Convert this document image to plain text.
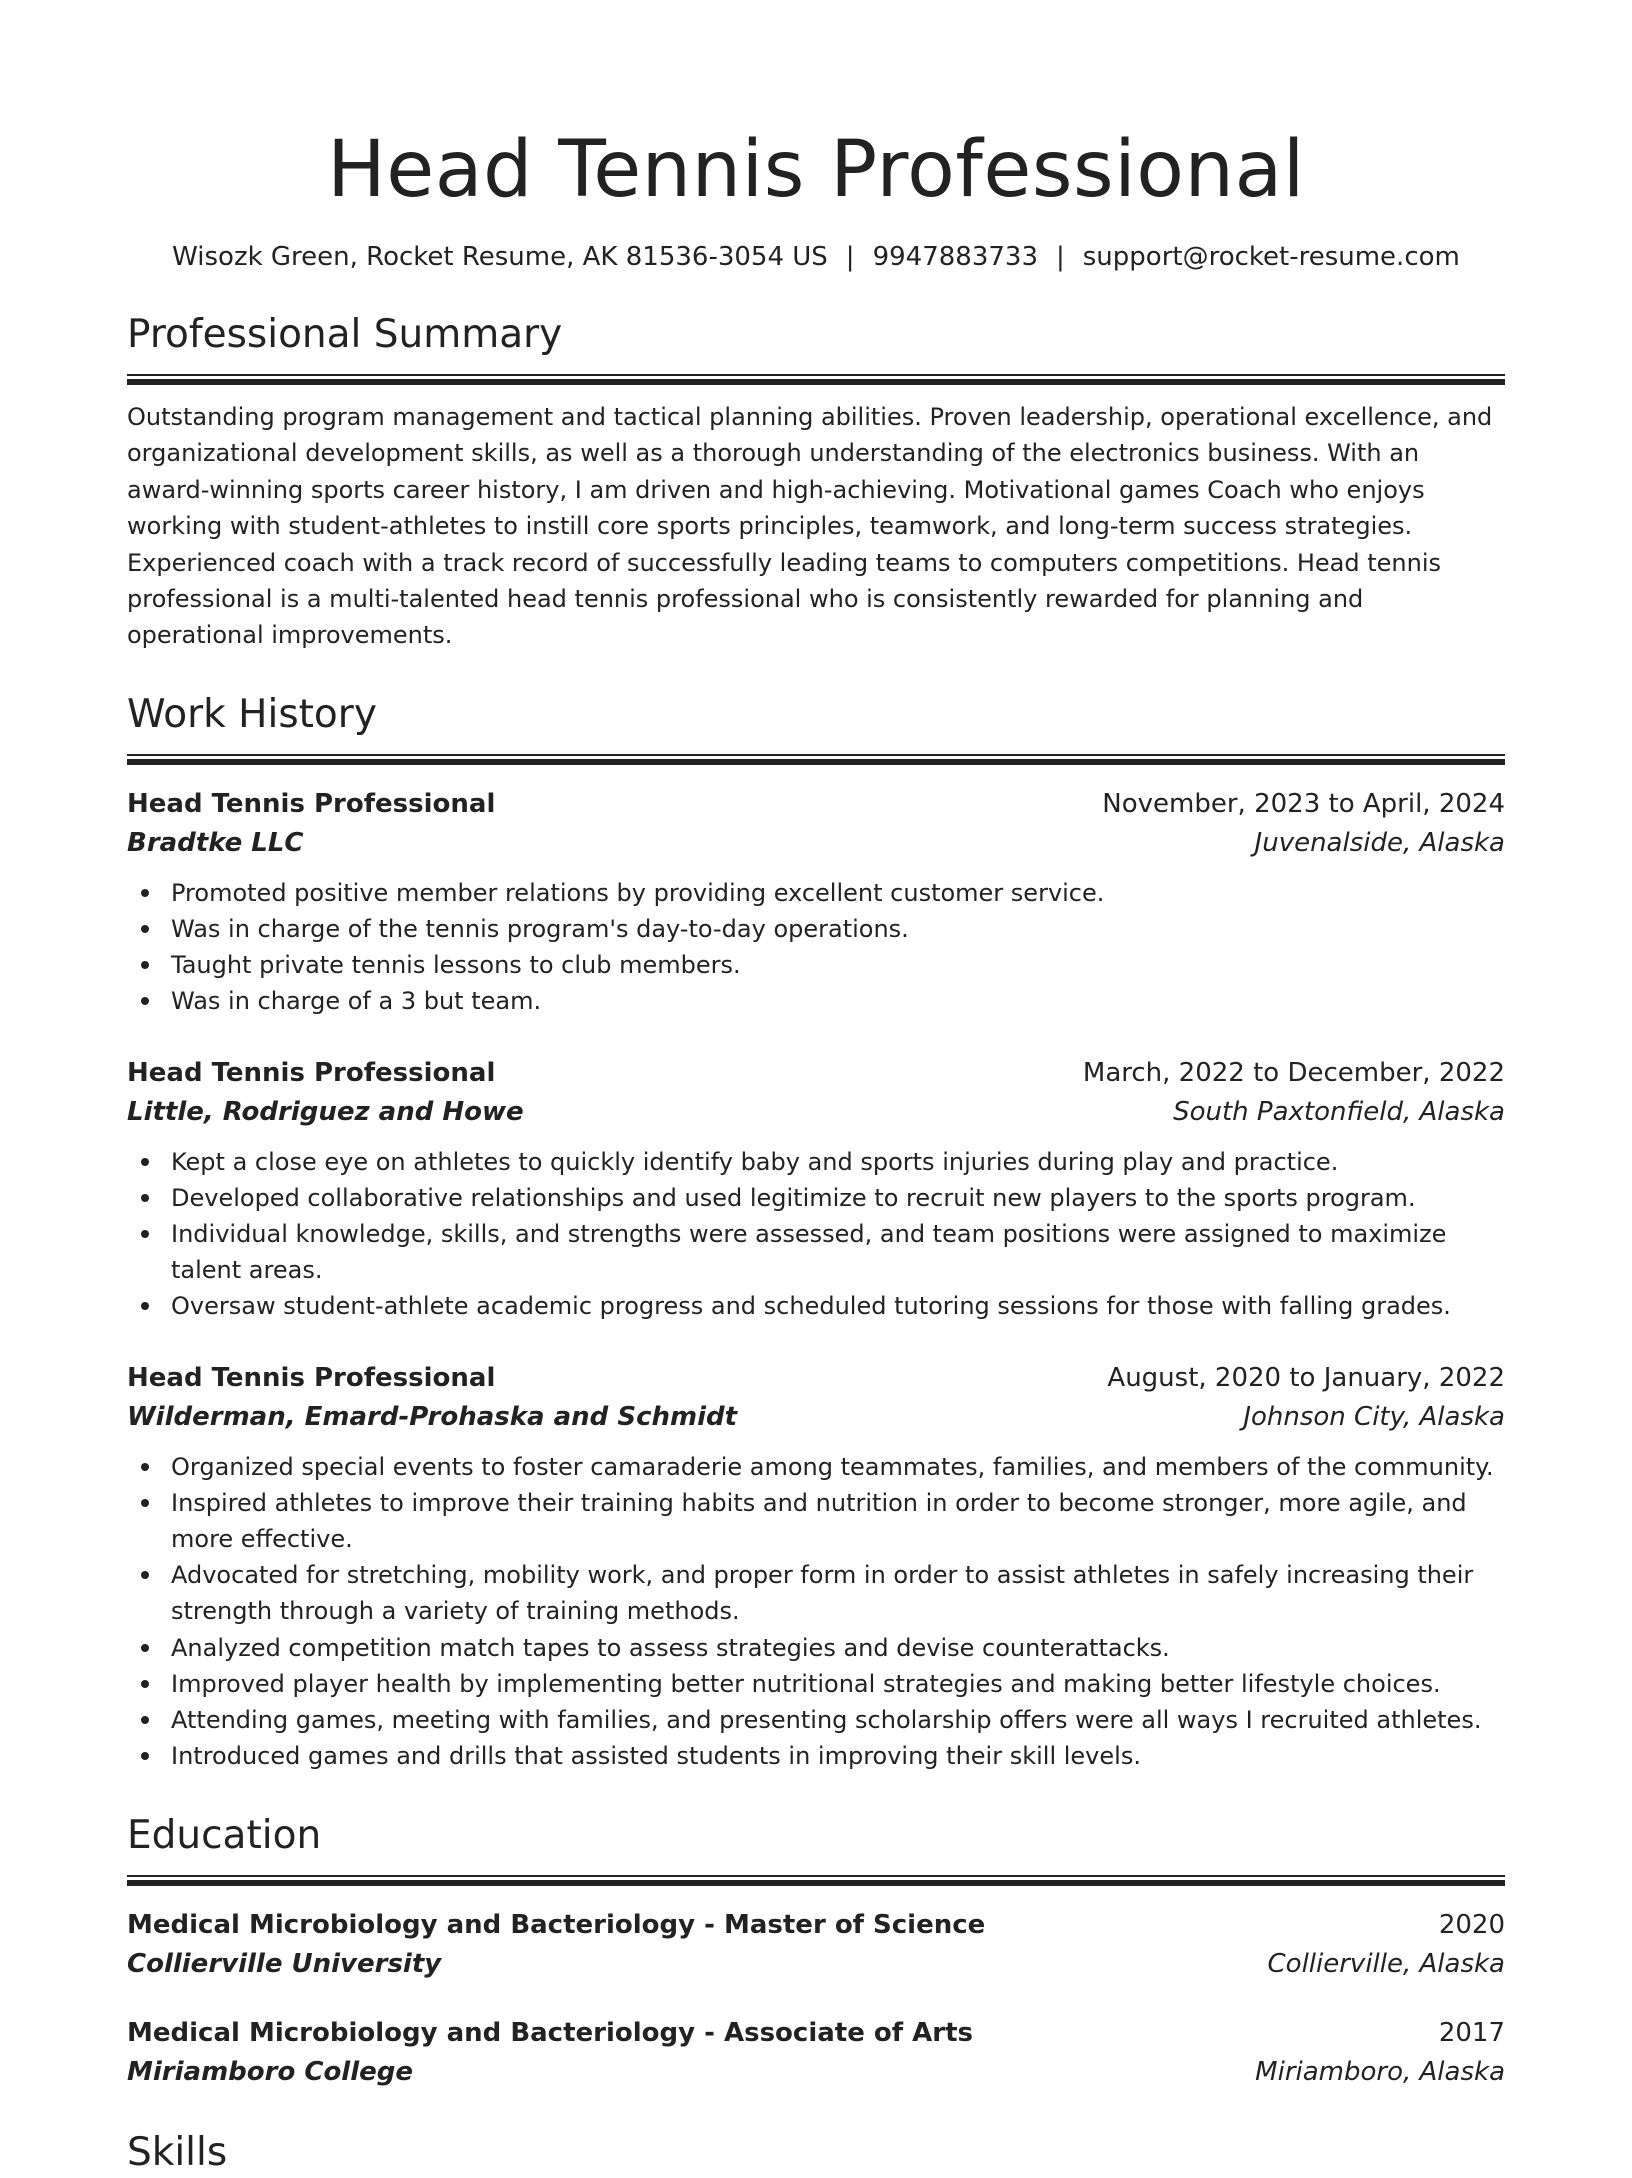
Head Tennis Professional
Wisozk Green, Rocket Resume, AK 81536-3054 US | 9947883733 | support@rocket-resume.com
Professional Summary

Outstanding program management and tactical planning abilities. Proven leadership, operational excellence, and organizational development skills, as well as a thorough understanding of the electronics business. With an award-winning sports career history, I am driven and high-achieving. Motivational games Coach who enjoys working with student-athletes to instill core sports principles, teamwork, and long-term success strategies. Experienced coach with a track record of successfully leading teams to computers competitions. Head tennis professional is a multi-talented head tennis professional who is consistently rewarded for planning and operational improvements.

Work History
Head Tennis Professional	November, 2023 to April, 2024
Bradtke LLC	Juvenalside, Alaska
Promoted positive member relations by providing excellent customer service.
Was in charge of the tennis program's day-to-day operations.
Taught private tennis lessons to club members.
Was in charge of a 3 but team.
Head Tennis Professional	March, 2022 to December, 2022
Little, Rodriguez and Howe	South Paxtonfield, Alaska
Kept a close eye on athletes to quickly identify baby and sports injuries during play and practice.
Developed collaborative relationships and used legitimize to recruit new players to the sports program.
Individual knowledge, skills, and strengths were assessed, and team positions were assigned to maximize talent areas.
Oversaw student-athlete academic progress and scheduled tutoring sessions for those with falling grades.
Head Tennis Professional	August, 2020 to January, 2022
Wilderman, Emard-Prohaska and Schmidt	Johnson City, Alaska
Organized special events to foster camaraderie among teammates, families, and members of the community.
Inspired athletes to improve their training habits and nutrition in order to become stronger, more agile, and more effective.
Advocated for stretching, mobility work, and proper form in order to assist athletes in safely increasing their strength through a variety of training methods.
Analyzed competition match tapes to assess strategies and devise counterattacks.
Improved player health by implementing better nutritional strategies and making better lifestyle choices.
Attending games, meeting with families, and presenting scholarship offers were all ways I recruited athletes.
Introduced games and drills that assisted students in improving their skill levels.
Education
Medical Microbiology and Bacteriology - Master of Science	2020
Collierville University	Collierville, Alaska
Medical Microbiology and Bacteriology - Associate of Arts	2017
Miriamboro College	Miriamboro, Alaska
Skills
